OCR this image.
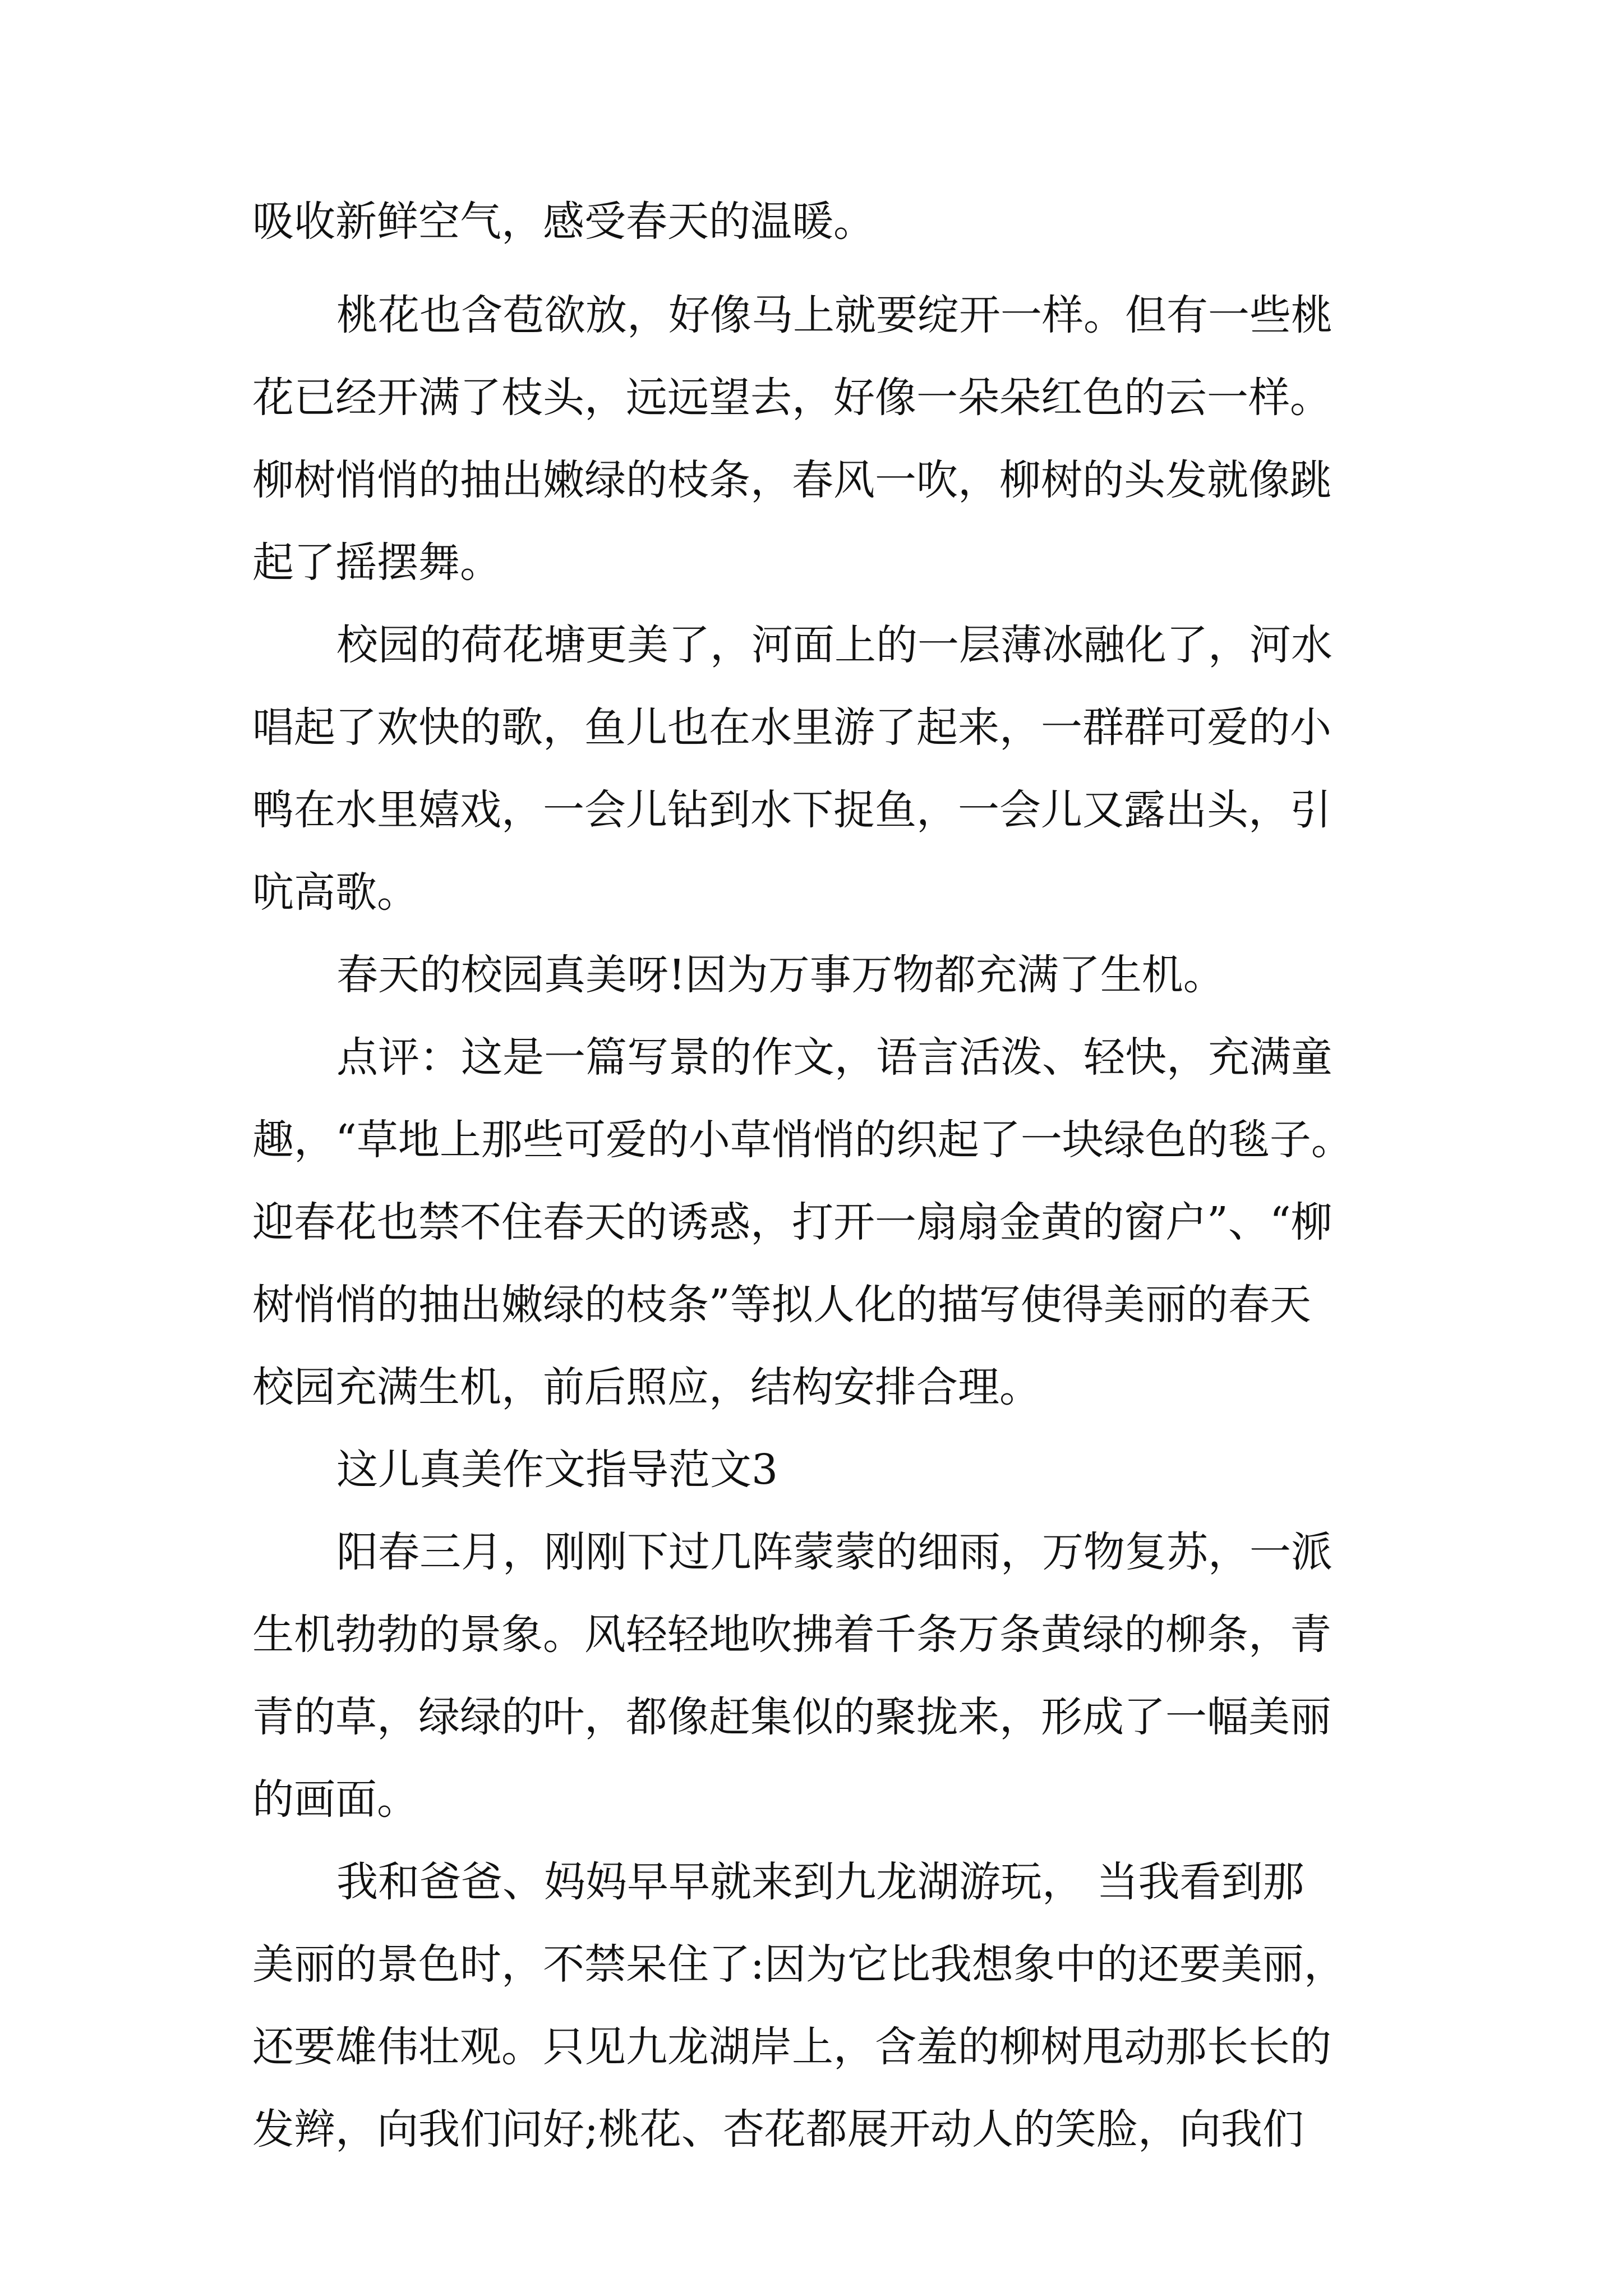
吸收新鲜空气，感受春天的温暖。

桃花也含苞欲放，好像马上就要绽开一样。但有一些桃

花已经开满了枝头，远远望去，好像一朵朵红色的云一样。

柳树悄悄的抽出嫩绿的枝条，春风一吹，柳树的头发就像跳

起了摇摆舞。

校园的荷花塘更美了，河面上的一层薄冰融化了，河水

唱起了欢快的歌，鱼儿也在水里游了起来，一群群可爱的小

鸭在水里嬉戏，一会儿钻到水下捉鱼，一会儿又露出头，引

吭高歌。

春天的校园真美呀!因为万事万物都充满了生机。

点评：这是一篇写景的作文，语言活泼、轻快，充满童

趣，“草地上那些可爱的小草悄悄的织起了一块绿色的毯子。

迎春花也禁不住春天的诱惑，打开一扇扇金黄的窗户”、“柳

树悄悄的抽出嫩绿的枝条”等拟人化的描写使得美丽的春天

校园充满生机，前后照应，结构安排合理。

这儿真美作文指导范文3

阳春三月，刚刚下过几阵蒙蒙的细雨，万物复苏，一派

生机勃勃的景象。风轻轻地吹拂着千条万条黄绿的柳条，青

青的草，绿绿的叶，都像赶集似的聚拢来，形成了一幅美丽

的画面。

我和爸爸、妈妈早早就来到九龙湖游玩， 当我看到那

美丽的景色时，不禁呆住了:因为它比我想象中的还要美丽，

还要雄伟壮观。只见九龙湖岸上，含羞的柳树甩动那长长的

发辫，向我们问好;桃花、杏花都展开动人的笑脸，向我们
